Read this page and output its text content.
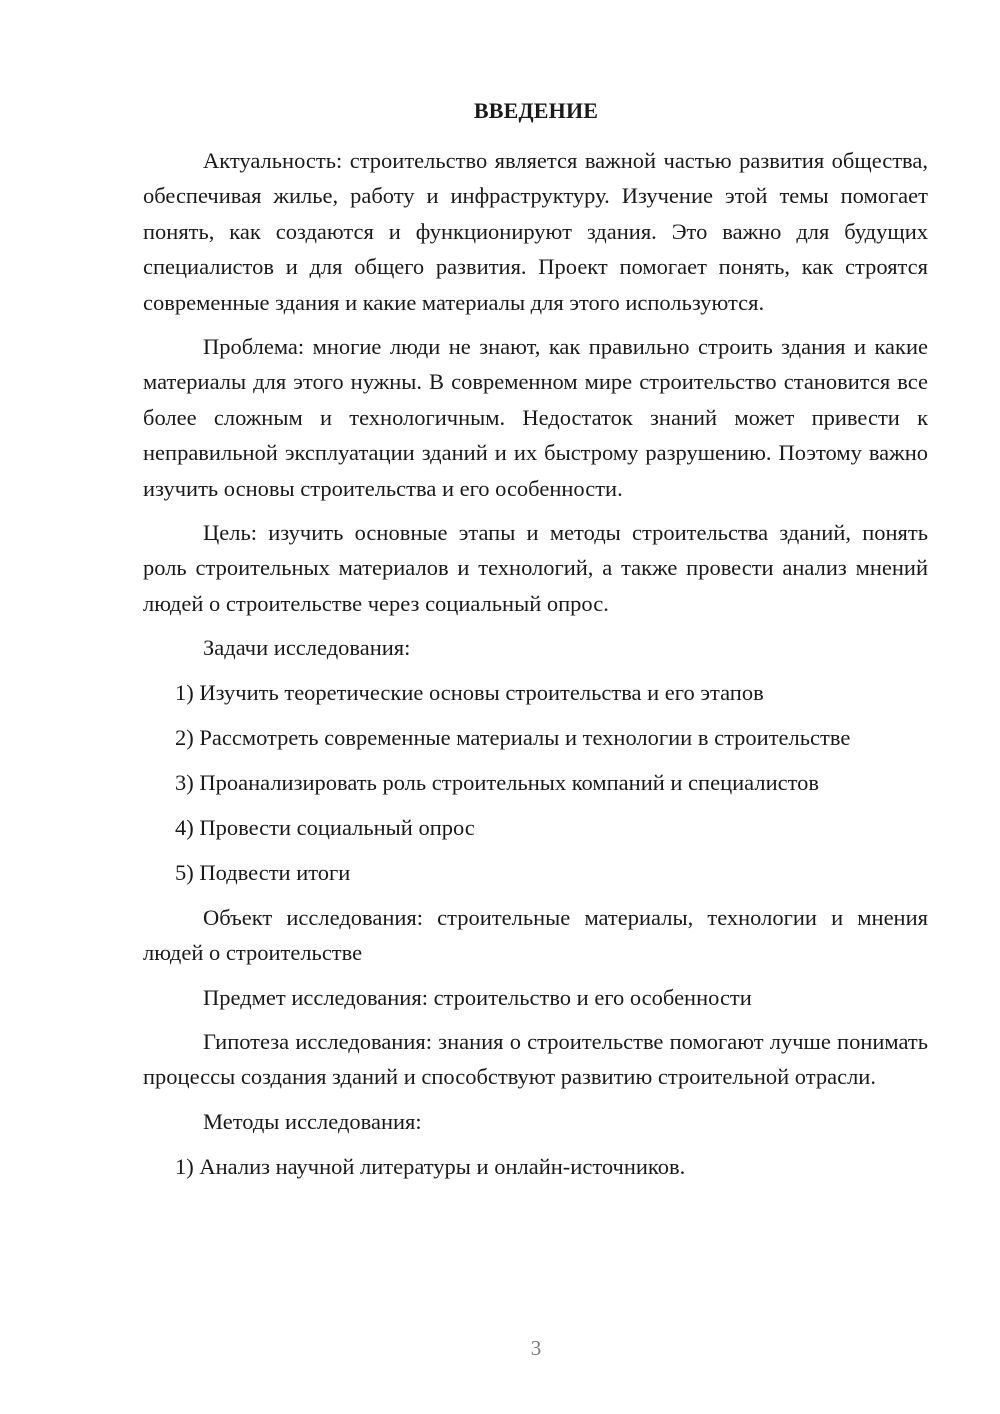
ВВЕДЕНИЕ

Актуальность: строительство является важной частью развития общества, обеспечивая жилье, работу и инфраструктуру. Изучение этой темы помогает понять, как создаются и функционируют здания. Это важно для будущих специалистов и для общего развития. Проект помогает понять, как строятся современные здания и какие материалы для этого используются.

Проблема: многие люди не знают, как правильно строить здания и какие материалы для этого нужны. В современном мире строительство становится все более сложным и технологичным. Недостаток знаний может привести к неправильной эксплуатации зданий и их быстрому разрушению. Поэтому важно изучить основы строительства и его особенности.

Цель: изучить основные этапы и методы строительства зданий, понять роль строительных материалов и технологий, а также провести анализ мнений людей о строительстве через социальный опрос.

Задачи исследования:

1) Изучить теоретические основы строительства и его этапов

2) Рассмотреть современные материалы и технологии в строительстве

3) Проанализировать роль строительных компаний и специалистов

4) Провести социальный опрос

5) Подвести итоги

Объект исследования: строительные материалы, технологии и мнения людей о строительстве

Предмет исследования: строительство и его особенности

Гипотеза исследования: знания о строительстве помогают лучше понимать процессы создания зданий и способствуют развитию строительной отрасли.

Методы исследования:

1) Анализ научной литературы и онлайн-источников.

3
